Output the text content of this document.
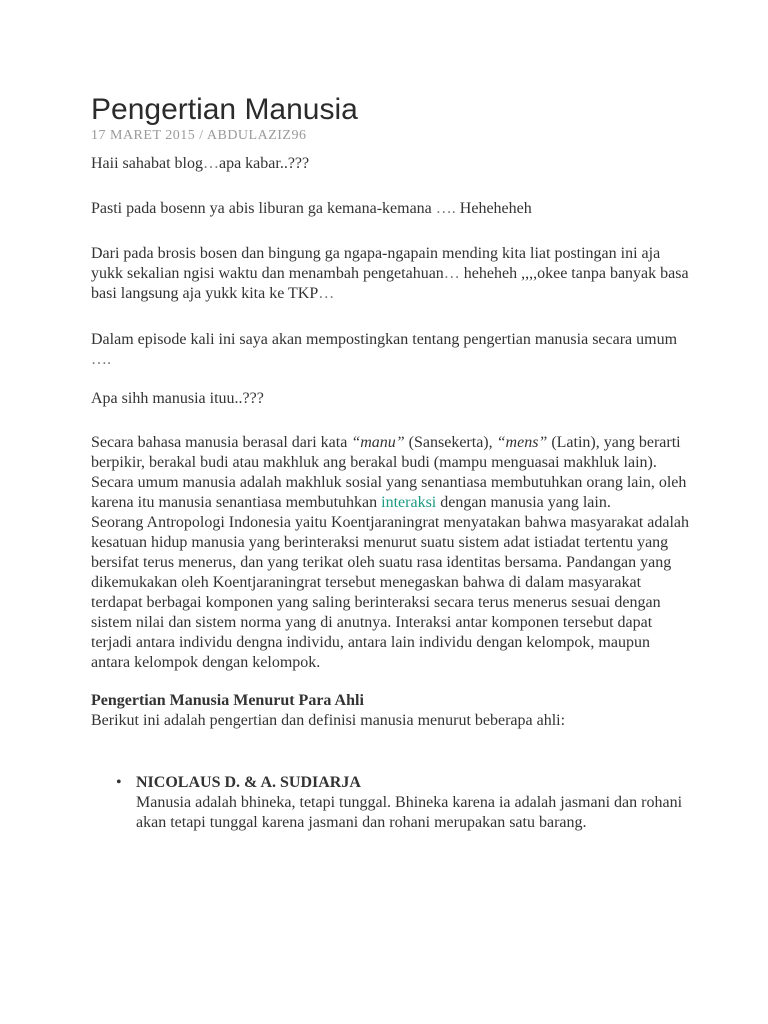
Pengertian Manusia
17 MARET 2015 / ABDULAZIZ96

Haii sahabat blog…apa kabar..???

Pasti pada bosenn ya abis liburan ga kemana-kemana …. Heheheheh

Dari pada brosis bosen dan bingung ga ngapa-ngapain mending kita liat postingan ini aja yukk sekalian ngisi waktu dan menambah pengetahuan… heheheh ,,,,okee tanpa banyak basa basi langsung aja yukk kita ke TKP…

Dalam episode kali ini saya akan mempostingkan tentang pengertian manusia secara umum ….

Apa sihh manusia ituu..???

Secara bahasa manusia berasal dari kata “manu” (Sansekerta), “mens” (Latin), yang berarti berpikir, berakal budi atau makhluk ang berakal budi (mampu menguasai makhluk lain).

Secara umum manusia adalah makhluk sosial yang senantiasa membutuhkan orang lain, oleh karena itu manusia senantiasa membutuhkan interaksi dengan manusia yang lain.

Seorang Antropologi Indonesia yaitu Koentjaraningrat menyatakan bahwa masyarakat adalah kesatuan hidup manusia yang berinteraksi menurut suatu sistem adat istiadat tertentu yang bersifat terus menerus, dan yang terikat oleh suatu rasa identitas bersama. Pandangan yang dikemukakan oleh Koentjaraningrat tersebut menegaskan bahwa di dalam masyarakat terdapat berbagai komponen yang saling berinteraksi secara terus menerus sesuai dengan sistem nilai dan sistem norma yang di anutnya. Interaksi antar komponen tersebut dapat terjadi antara individu dengna individu, antara lain individu dengan kelompok, maupun antara kelompok dengan kelompok.

Pengertian Manusia Menurut Para Ahli

Berikut ini adalah pengertian dan definisi manusia menurut beberapa ahli:

• NICOLAUS D. & A. SUDIARJA
Manusia adalah bhineka, tetapi tunggal. Bhineka karena ia adalah jasmani dan rohani akan tetapi tunggal karena jasmani dan rohani merupakan satu barang.
